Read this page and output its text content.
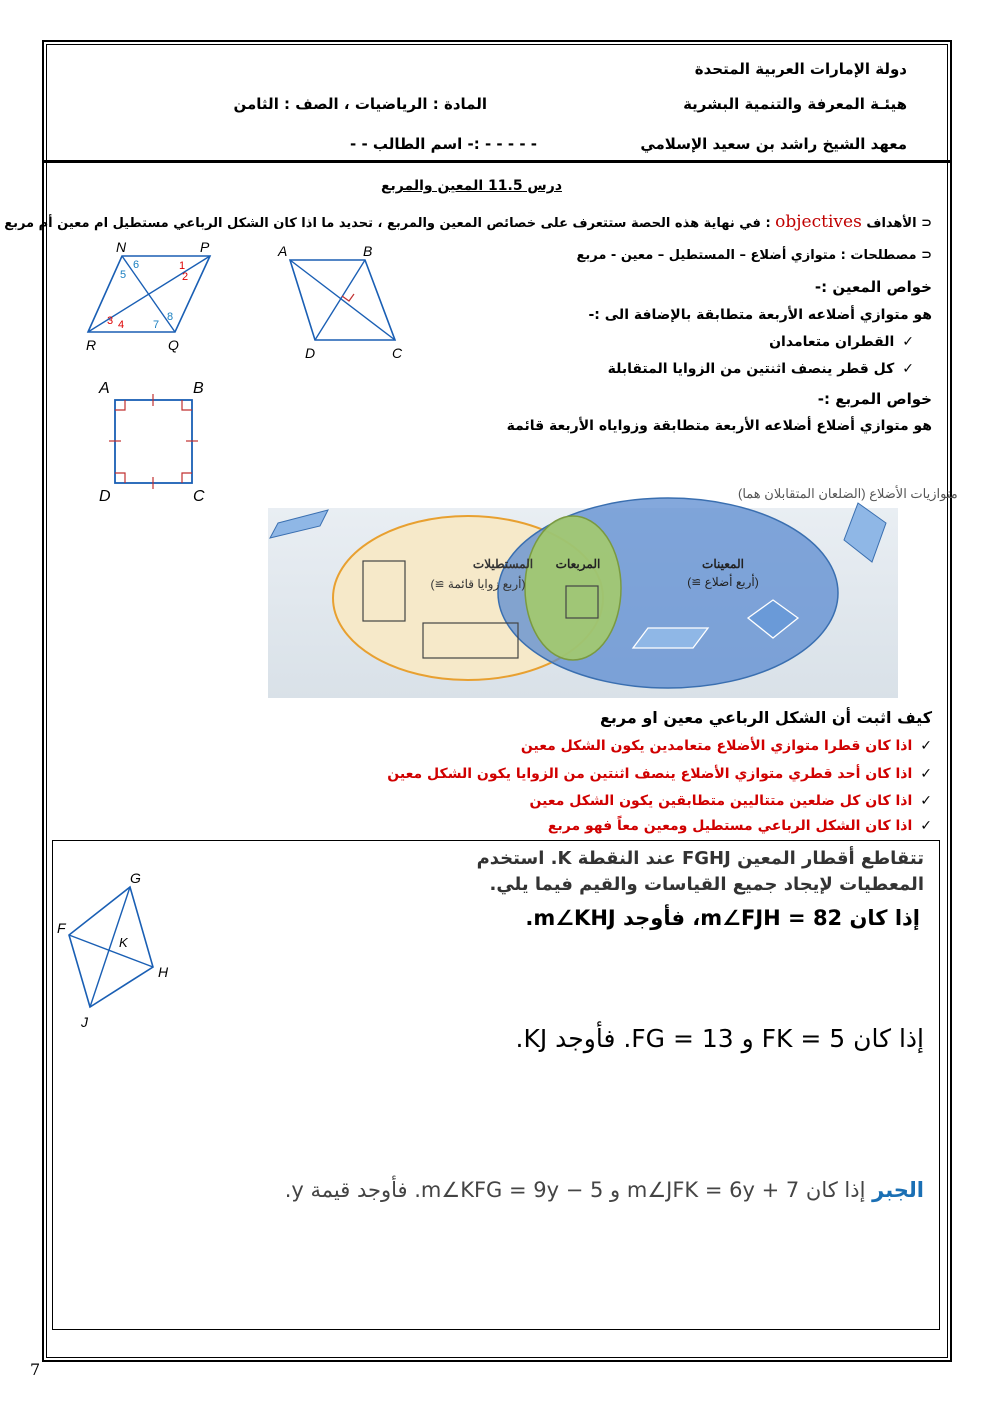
دولة الإمارات العربية المتحدة
هيئـة المعرفة والتنمية البشرية
المادة : الرياضيات ، الصف : الثامن
معهد الشيخ راشد بن سعيد الإسلامي
- - - - - :- اسم الطالب - -
درس 11.5 المعين والمربع
⊂ الأهداف objectives : في نهاية هذه الحصة ستتعرف على خصائص المعين والمربع ، تحديد ما اذا كان الشكل الرباعي مستطيل ام معين أم مربع
⊂ مصطلحات : متوازي أضلاع – المستطيل – معين - مربع
خواص المعين :-
هو متوازي أضلاعه الأربعة متطابقة بالإضافة الى :-
✓القطران متعامدان
✓كل قطر ينصف اثنتين من الزوايا المتقابلة
خواص المربع :-
هو متوازي أضلاع أضلاعه الأربعة متطابقة وزواياه الأربعة قائمة
N	P
R	Q
1
2
3 4
5
6
7
8
A	B
D	C
A	B
D	C	متوازيات الأضلاع (الضلعان المتقابلان هما)
المستطيلات
(أربع زوايا قائمة ≅)
المربعات	المعينات
(أربع أضلاع ≅)
كيف اثبت أن الشكل الرباعي معين او مربع
✓اذا كان قطرا متوازي الأضلاع متعامدين يكون الشكل معين
✓اذا كان أحد قطري متوازي الأضلاع ينصف اثنتين من الزوايا يكون الشكل معين
✓اذا كان كل ضلعين متتاليين متطابقين يكون الشكل معين
✓اذا كان الشكل الرباعي مستطيل ومعين معاً فهو مربع
تتقاطع أقطار المعين FGHJ عند النقطة K. استخدم
المعطيات لإيجاد جميع القياسات والقيم فيما يلي.
إذا كان m∠FJH = 82، فأوجد m∠KHJ.
إذا كان FK = 5 و FG = 13. فأوجد KJ.
الجبر إذا كان m∠JFK = 6y + 7 و m∠KFG = 9y − 5. فأوجد قيمة y.
G
F
K
H
J
7
